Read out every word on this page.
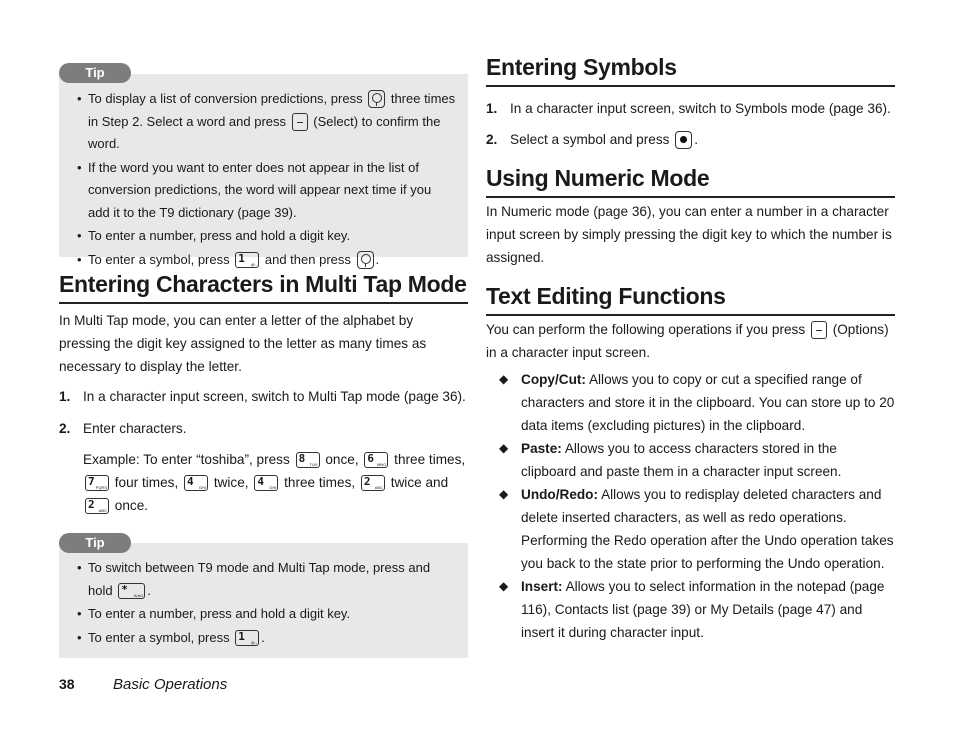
Tip
• To display a list of conversion predictions, press three times in Step 2. Select a word and press (Select) to confirm the word.
• If the word you want to enter does not appear in the list of conversion predictions, the word will appear next time if you add it to the T9 dictionary (page 39).
• To enter a number, press and hold a digit key.
• To enter a symbol, press 1 @.- and then press .
Entering Characters in Multi Tap Mode

In Multi Tap mode, you can enter a letter of the alphabet by pressing the digit key assigned to the letter as many times as necessary to display the letter.

1. In a character input screen, switch to Multi Tap mode (page 36).
2. Enter characters.
Example: To enter “toshiba”, press 8 TUV once, 6 MNO three times,
7 PQRS four times, 4 GHI twice, 4 GHI three times, 2 ABC twice and
2 ABC once.
Tip
• To switch between T9 mode and Multi Tap mode, press and hold * A/a/1 .
• To enter a number, press and hold a digit key.
• To enter a symbol, press 1 @.- .
Entering Symbols
1. In a character input screen, switch to Symbols mode (page 36).
2. Select a symbol and press .
Using Numeric Mode

In Numeric mode (page 36), you can enter a number in a character input screen by simply pressing the digit key to which the number is assigned.

Text Editing Functions

You can perform the following operations if you press (Options) in a character input screen.

◆ Copy/Cut: Allows you to copy or cut a specified range of characters and store it in the clipboard. You can store up to 20 data items (excluding pictures) in the clipboard.
◆ Paste: Allows you to access characters stored in the clipboard and paste them in a character input screen.
◆ Undo/Redo: Allows you to redisplay deleted characters and delete inserted characters, as well as redo operations. Performing the Redo operation after the Undo operation takes you back to the state prior to performing the Undo operation.
◆ Insert: Allows you to select information in the notepad (page 116), Contacts list (page 39) or My Details (page 47) and insert it during character input.
38	Basic Operations
